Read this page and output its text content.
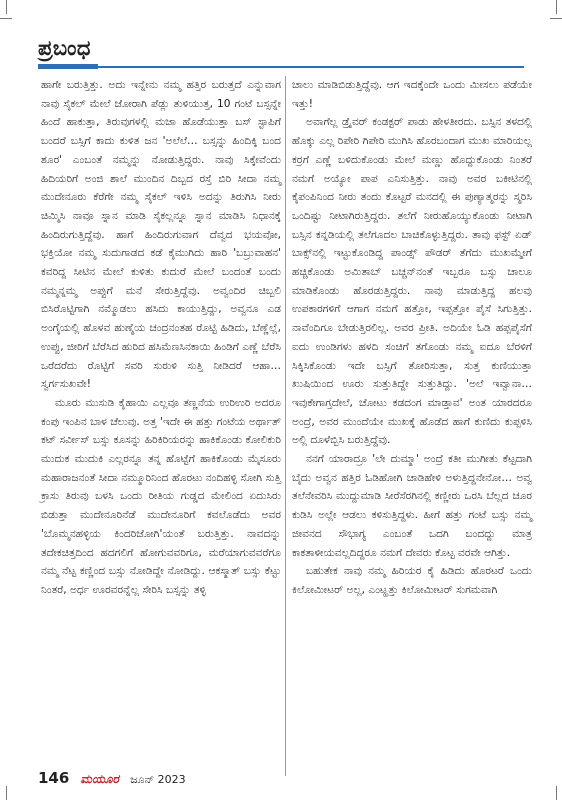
ಪ್ರಬಂಧ

ಹಾಗೇ ಬರುತ್ತಿತ್ತು. ಅದು ಇನ್ನೇನು ನಮ್ಮ ಹತ್ತಿರ ಬರುತ್ತದೆ ಎನ್ನುವಾಗ ನಾವು ಸೈಕಲ್ ಮೇಲೆ ಜೋರಾಗಿ ಪೆಡ್ಲು ತುಳಿಯುತ್ತ, 10 ಗಂಟೆ ಬಸ್ಸನ್ನೇ ಹಿಂದೆ ಹಾಕುತ್ತಾ, ತಿರುವುಗಳಲ್ಲಿ ಮಜಾ ಹೊಡೆಯುತ್ತಾ ಬಸ್ ಸ್ಟಾಪಿಗೆ ಬಂದರೆ ಬಸ್ಸಿಗೆ ಕಾದು ಕುಳಿತ ಜನ 'ಅಲೆಲೆ… ಬಸ್ಸನ್ನು ಹಿಂದಿಕ್ಕಿ ಬಂದ ಶೂರ' ಎಂಬಂತೆ ನಮ್ಮನ್ನು ನೋಡುತ್ತಿದ್ದರು. ನಾವು ಸಿಕ್ಕೇವೆಂದು ಹಿದಿಯರಿಗೆ ಅಂಜಿ ಶಾಲೆ ಮುಂದಿನ ದಿಬ್ಬದ ರಸ್ತೆ ಬಿರಿ ಸೀದಾ ನಮ್ಮ ಮುದೇನೂರು ಕೆರೆಗೇ ನಮ್ಮ ಸೈಕಲ್ ಇಳಿಸಿ ಅದನ್ನು ತಿರುಗಿಸಿ ನೀರು ಚಿಮ್ಮಿಸಿ ನಾವೂ ಸ್ನಾನ ಮಾಡಿ ಸೈಕಲ್ಲನ್ನೂ ಸ್ನಾನ ಮಾಡಿಸಿ ನಿಧಾನಕ್ಕೆ ಹಿಂದಿರುಗುತ್ತಿದ್ದೆವು. ಹಾಗೆ ಹಿಂದಿರುಗುವಾಗ ದೆವ್ವದ ಭಯವೋ, ಭಕ್ತಿಯೋ ನಮ್ಮ ಸುದುಗಾಡದ ಕಡೆ ಕೈಮುಗಿದು ಹಾರಿ 'ಬಬ್ರುವಾಹನ' ಕವರಿದ್ದ ಸೀಟಿನ ಮೇಲೆ ಕುಳಿತು ಕುದುರೆ ಮೇಲೆ ಬಂದಂತೆ ಬಂದು ನಮ್ಮನ್ನಮ್ಮ ಅಪ್ಪುಗೆ ಮನೆ ಸೇರುತ್ತಿದ್ದೆವು. ಅವ್ವಂದಿರ ಚಿಬ್ಬಲಿ ಬಿಸಿರೊಟ್ಟಿಗಾಗಿ ನಮ್ಮೊಡಲು ಹಸಿದು ಕಾಯುತ್ತಿದ್ದು, ಅವ್ವನೂ ಎಡ ಅಂಗೈಯಲ್ಲಿ ಹೊಳವ ಹುಣ್ಮೆಯ ಚಂದ್ರನಂತಹ ರೊಟ್ಟಿ ಹಿಡಿದು, ಬೆಣ್ಣೆಲ್ಲೆ, ಉಪ್ಪು, ಜೀರಿಗೆ ಬೆರೆಸಿದ ಹುರಿದ ಹಸಿಮೆಣಸಿನಕಾಯಿ ಹಿಂಡಿಗೆ ಎಣ್ಣೆ ಬೆರೆಸಿ ಒರೆದರೆದು ರೊಟ್ಟಿಗೆ ಸವರಿ ಸುರುಳಿ ಸುತ್ತಿ ನೀಡಿದರೆ ಆಹಾ… ಸ್ವರ್ಗಸುಖವೇ!

ಮೂರು ಮುಸುಡಿ ಕೈಹಾಯಿ ಎಲ್ಲವೂ ತಣ್ಣನೆಯ ಉರಿಉರಿ ಅದರೂ ಕಂಪು ಇಂಪಿನ ಬಾಳ ಚೆಲುವು. ಅತ್ತ 'ಇದೇ ಈ ಹತ್ತು ಗಂಟೆಯ ಅರ್ಥಾತ್ ಕಟ್ ಸರ್ವೀಸ್ ಬಸ್ಸು ಕೂಸನ್ನು ಹಿರಿಕಿರಿಯರನ್ನು ಹಾಕಿಕೊಂಡು ಕೋಲಿಕುರಿ ಮುದುಕ ಮುದುಕಿ ಎಲ್ಲರನ್ನೂ ತನ್ನ ಹೊಟ್ಟೆಗೆ ಹಾಕಿಕೊಂಡು ಮೈಸೂರು ಮಹಾರಾಜನಂತೆ ಸೀದಾ ನಮ್ಮೂರಿನಿಂದ ಹೊರಟು ನಂದಿಹಳ್ಳಿ ಸೋಗಿ ಸುತ್ತಿ ಕ್ರಾಸು ತಿರುವು ಬಳಸಿ ಒಂದು ರೀತಿಯ ಗುಡ್ಡದ ಮೇಲಿಂದ ಏದುಸಿರು ಬಿಡುತ್ತಾ ಮುದೇನೂರಿನೆಡೆ ಮುದೇನೂರಿಗೆ ಕವಲೊಡೆದು ಅವರ 'ಬೊಮ್ಮನಹಳ್ಳಿಯ ಕಿಂದರಿಜೋಗಿ'ಯಂತೆ ಬರುತ್ತಿತ್ತು. ನಾವದನ್ನು ತದೇಕಚಿತ್ತದಿಂದ ಹದಗಲಿಗೆ ಹೋಗುವವರಿಗೂ, ಮರೆಯಾಗುವವರೆಗೂ ನಮ್ಮ ನೆಟ್ಟ ಕಣ್ಣಿಂದ ಬಸ್ಸು ನೋಡಿದ್ದೇ ನೋಡಿದ್ದು. ಆಕಸ್ಮಾತ್ ಬಸ್ಸು ಕೆಟ್ಟು ನಿಂತರೆ, ಅರ್ಧ ಊರವರನ್ನೆಲ್ಲ ಸೇರಿಸಿ ಬಸ್ಸನ್ನು ತಳ್ಳಿ

ಚಾಲು ಮಾಡಿಬಿಡುತ್ತಿದ್ದೆವು. ಆಗ ಇದಕ್ಕೆಂದೇ ಒಂದು ಮೀಸಲು ಪಡೆಯೇ ಇತ್ತು!

ಅವಾಗೆಲ್ಲ ಡ್ರೈವರ್ ಕಂಡಕ್ಟರ್ ಪಾಡು ಹೇಳತೀರದು. ಬಸ್ಸಿನ ತಳದಲ್ಲಿ ಹೊಕ್ಕು ಎಲ್ಲ ರಿಪೇರಿ ಗಿಪೇರಿ ಮುಗಿಸಿ ಹೊರಬಂದಾಗ ಮುಖ ಮಾರಿಯಲ್ಲ ಕರ್‍ರಗೆ ಎಣ್ಣೆ ಬಳಿದುಕೊಂಡು ಮೇಲೆ ಮಣ್ಣು ಹೊದ್ದುಕೊಂಡು ನಿಂತರೆ ನಮಗೆ ಅಯ್ಯೋ ಪಾಪ ಎನಿಸುತ್ತಿತ್ತು. ನಾವು ಅವರ ಬಕೀಟಿನಲ್ಲಿ ಕೈಪಂಪಿನಿಂದ ನೀರು ತಂದು ಕೊಟ್ಟರೆ ಮನದಲ್ಲಿ ಈ ಪುಣ್ಯಾತ್ಮರನ್ನು ಸ್ಮರಿಸಿ ಒಂದಿಷ್ಟು ನೀಟಾಗಿರುತ್ತಿದ್ದರು. ತಲೆಗೆ ನೀರುಹೊಯ್ಯುಕೊಂಡು ನೀಟಾಗಿ ಬಸ್ಸಿನ ಕನ್ನಡಿಯಲ್ಲಿ ತಲೆಗೂದಲ ಬಾಚಿಕೊಳ್ಳುತ್ತಿದ್ದರು. ತಾವು ಫಸ್ಟ್ ಏಡ್ ಬಾಕ್ಸ್‌ನಲ್ಲಿ ಇಟ್ಟುಕೊಂಡಿದ್ದ ಪಾಂಡ್ಸ್ ಪೌಡರ್ ತೆಗೆದು ಮುಖಮ್ಮೇಗೆ ಹಚ್ಚಿಕೊಂಡು ಅಮಿತಾಬ್ ಬಚ್ಚನ್‌ನಂತೆ ಇಬ್ಬರೂ ಬಸ್ಸು ಚಾಲೂ ಮಾಡಿಕೊಂಡು ಹೊರಡುತ್ತಿದ್ದರು. ನಾವು ಮಾಡುತ್ತಿದ್ದ ಹಲವು ಉಪಕಾರಗಳಿಗೆ ಆಗಾಗ ನಮಗೆ ಹತ್ತೋ, ಇಪ್ಪತ್ತೋ ಪೈಸೆ ಸಿಗುತ್ತಿತ್ತು. ನಾವೆಂದಿಗೂ ಬೇಡುತ್ತಿರಲಿಲ್ಲ. ಅವರ ಪ್ರೀತಿ. ಅದಿಯೇ ಓಡಿ ಹಪ್ಪಪೈಸೆಗೆ ಐದು ಉಂಡಿಗಳು ಹಳದಿ ಸಂಚಿಗೆ ತಗೊಂಡು ನಮ್ಮ ಐದೂ ಬೆರಳಿಗೆ ಸಿಕ್ಕಿಸಿಕೊಂಡು ಇದೇ ಬಸ್ಸಿಗೆ ತೋರಿಸುತ್ತಾ, ಸುತ್ತ ಕುಣಿಯುತ್ತಾ ಖುಷಿಯಿಂದ ಊರು ಸುತ್ತುತಿದ್ದೇ ಸುತ್ತುತಿದ್ದು. 'ಅಲೆ ಇವ್ವಾನಾ… ಇವುಕೇಗಾಗ್ತದೇಲೆ, ಚೋಟು ಕಡದಂಗ ಮಾಡ್ತಾವ' ಅಂತ ಯಾರದರೂ ಅಂದ್ರೆ, ಅವರ ಮುಂದೆಯೇ ಮುಖಕ್ಕೆ ಹೊಡೆದ ಹಾಗೆ ಕುಣಿದು ಕುಪ್ಪಳಿಸಿ ಅಲ್ಲಿ ದೂಳೆಬ್ಬಿಸಿ ಬರುತ್ತಿದ್ದೆವು.

ನನಗೆ ಯಾರಾದ್ರೂ 'ಲೇ ದುಮ್ಮಾ' ಅಂದ್ರೆ ಕತೀ ಮುಗೀತು ಕೆಟ್ಟದಾಗಿ ಬೈದು ಅವ್ವನ ಹತ್ತಿರ ಓಡಿಹೋಗಿ ಚಾಡಿಹೇಳಿ ಅಳುತ್ತಿದ್ದನೇನೋ… ಅವ್ವ ತಲೆನೇವರಿಸಿ ಮುದ್ದುಮಾಡಿ ಸೀರೆಸೆರಗಿನಲ್ಲಿ ಕಣ್ಣೀರು ಒರಸಿ ಬೆಲ್ಲದ ಚೂರ ಕುಡಿಸಿ ಅಲ್ಲೇ ಆಡಲು ಕಳಿಸುತ್ತಿದ್ದಳು. ಹೀಗೆ ಹತ್ತು ಗಂಟೆ ಬಸ್ಸು ನಮ್ಮ ಜೀವನದ ಸೌಭಾಗ್ಯ ಎಂಬಂತೆ ಒದಗಿ ಬಂದದ್ದು ಮಾತ್ರ ಕಾಕತಾಳೀಯವಲ್ಲದಿದ್ದರೂ ನಮಗೆ ದೇವರು ಕೊಟ್ಟ ವರವೇ ಆಗಿತ್ತು.

ಬಹುತೇಕ ನಾವು ನಮ್ಮ ಹಿರಿಯರ ಕೈ ಹಿಡಿದು ಹೊರಟರೆ ಒಂದು ಕಿಲೋಮೀಟರ್ ಅಲ್ಲ, ಎಂಟ್ಹತ್ತು ಕಿಲೋಮೀಟರ್ ಸುಗಮವಾಗಿ

146 ಮಯೂರ ಜೂನ್ 2023
